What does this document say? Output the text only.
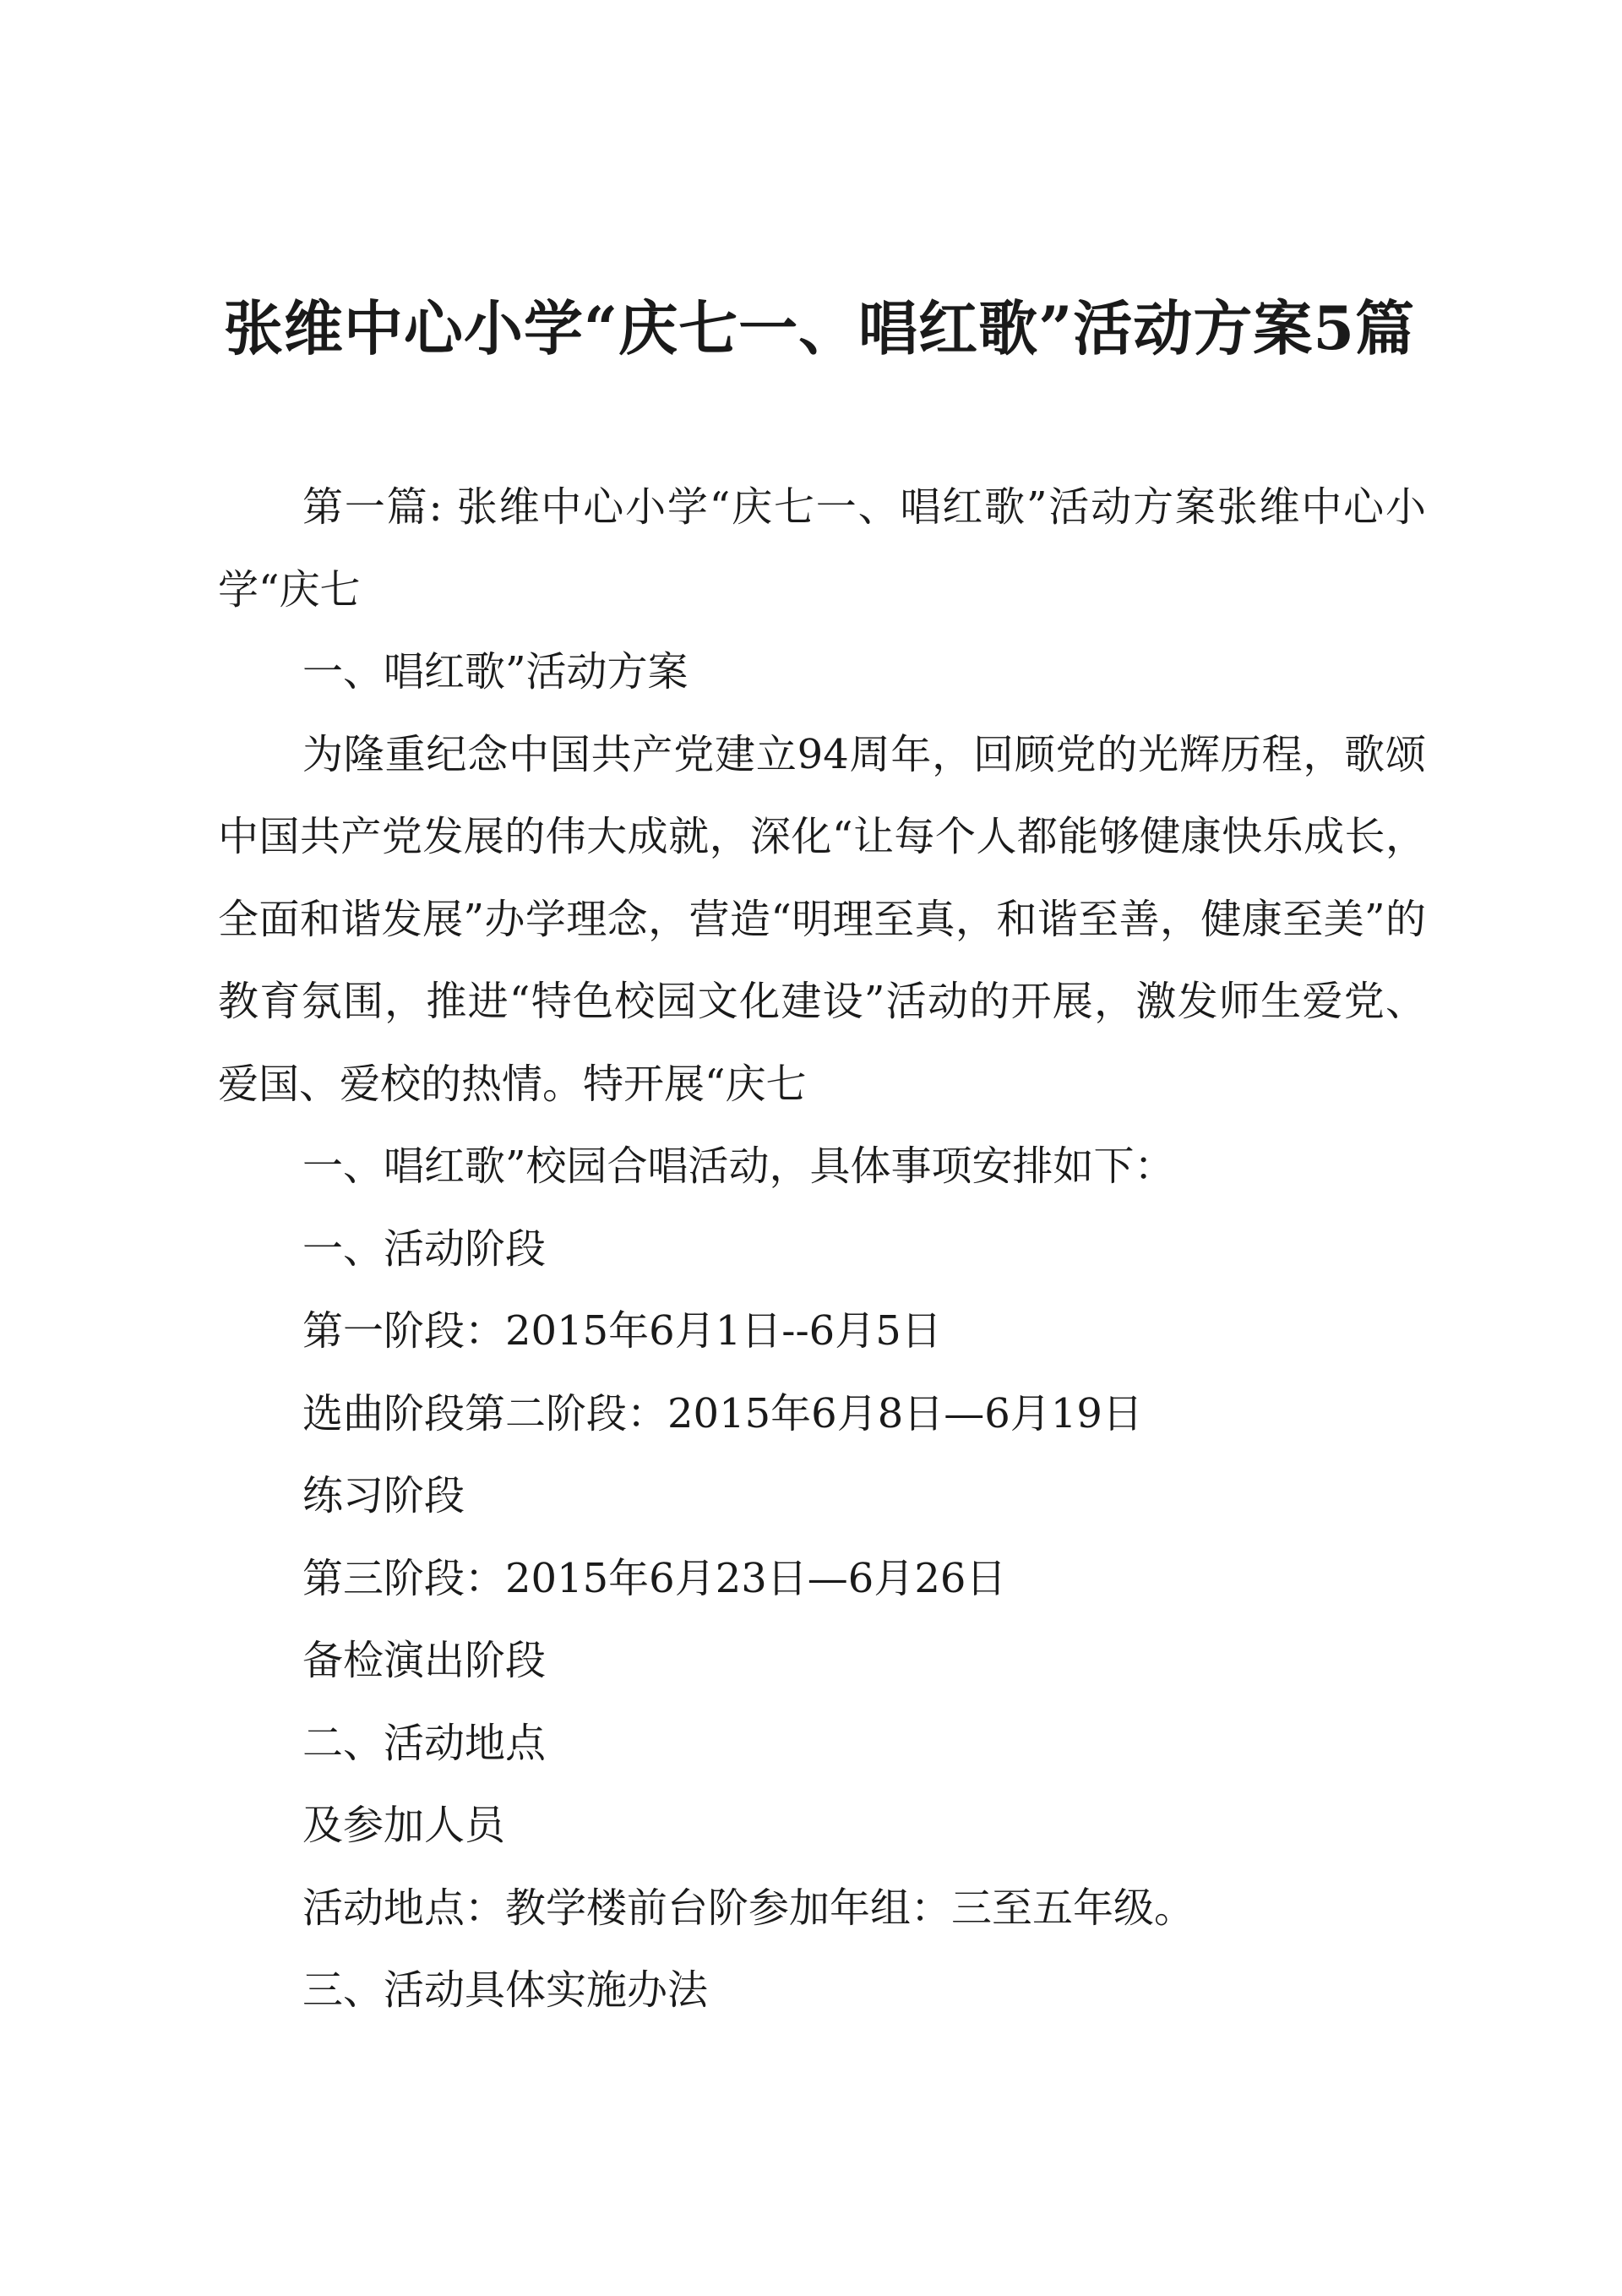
张维中心小学“庆七一、唱红歌”活动方案5篇

第一篇: 张维中心小学“庆七一、唱红歌”活动方案张维中心小学“庆七

一、唱红歌”活动方案

为隆重纪念中国共产党建立94周年，回顾党的光辉历程，歌颂中国共产党发展的伟大成就，深化“让每个人都能够健康快乐成长，全面和谐发展”办学理念，营造“明理至真，和谐至善，健康至美”的教育氛围，推进“特色校园文化建设”活动的开展，激发师生爱党、爱国、爱校的热情。特开展“庆七

一、唱红歌”校园合唱活动，具体事项安排如下：

一、活动阶段

第一阶段：2015年6月1日--6月5日

选曲阶段第二阶段：2015年6月8日—6月19日

练习阶段

第三阶段：2015年6月23日—6月26日

备检演出阶段

二、活动地点

及参加人员

活动地点：教学楼前台阶参加年组：三至五年级。

三、活动具体实施办法
